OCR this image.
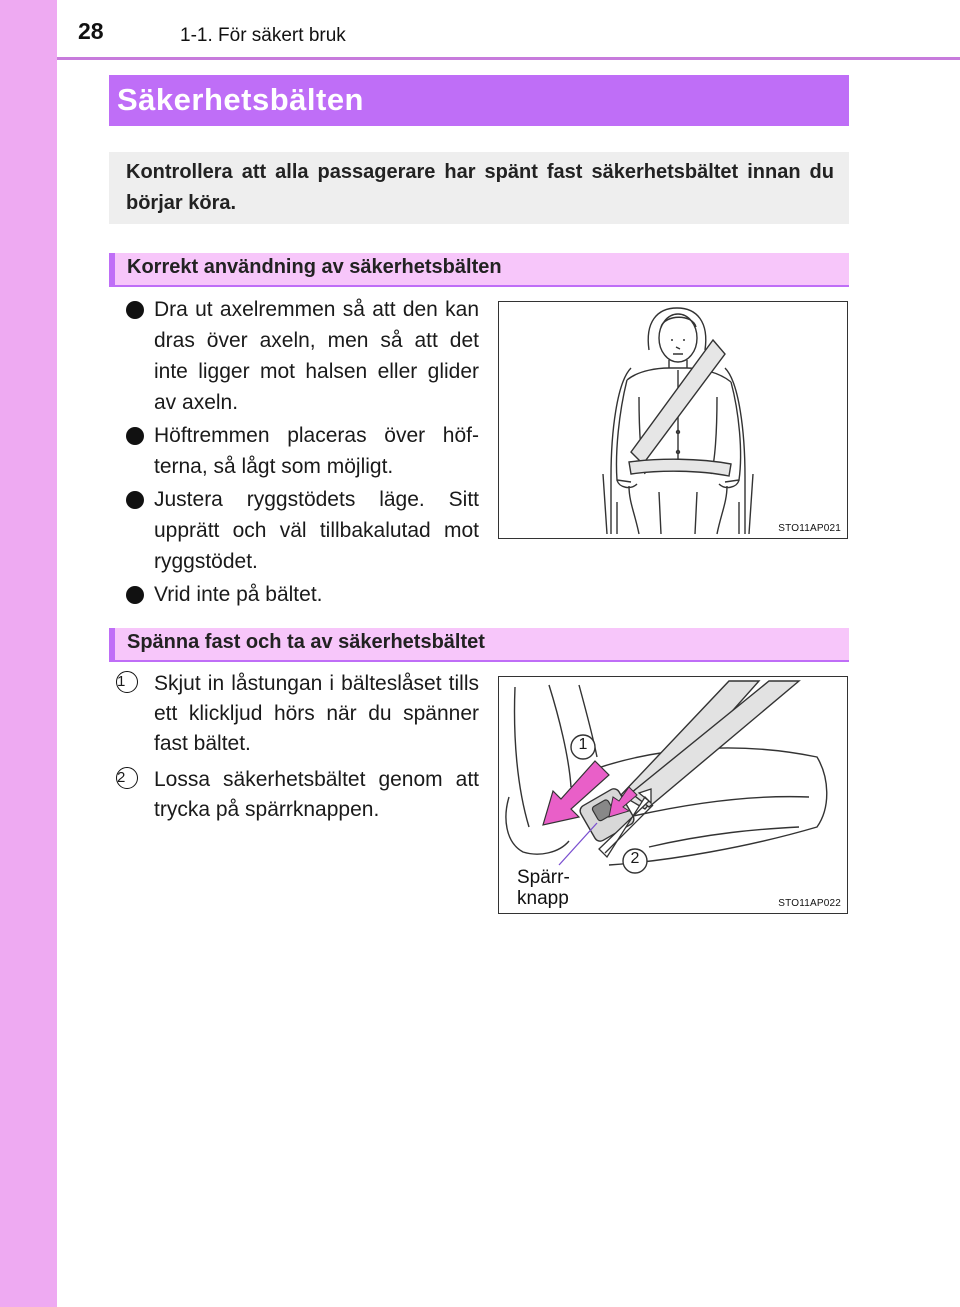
28	1-1. För säkert bruk
Säkerhetsbälten
Kontrollera att alla passagerare har spänt fast säkerhetsbältet innan du börjar köra.
Korrekt användning av säkerhetsbälten
Dra ut axelremmen så att den kan dras över axeln, men så att det inte ligger mot halsen eller glider av axeln.
Höftremmen placeras över höf-terna, så lågt som möjligt.
Justera ryggstödets läge. Sitt upprätt och väl tillbakalutad mot ryggstödet.
Vrid inte på bältet.
STO11AP021
Spänna fast och ta av säkerhetsbältet
1	Skjut in låstungan i bälteslåset tills ett klickljud hörs när du spänner fast bältet.
2	Lossa säkerhetsbältet genom att trycka på spärrknappen.
1
2
Spärr-
knapp	STO11AP022
